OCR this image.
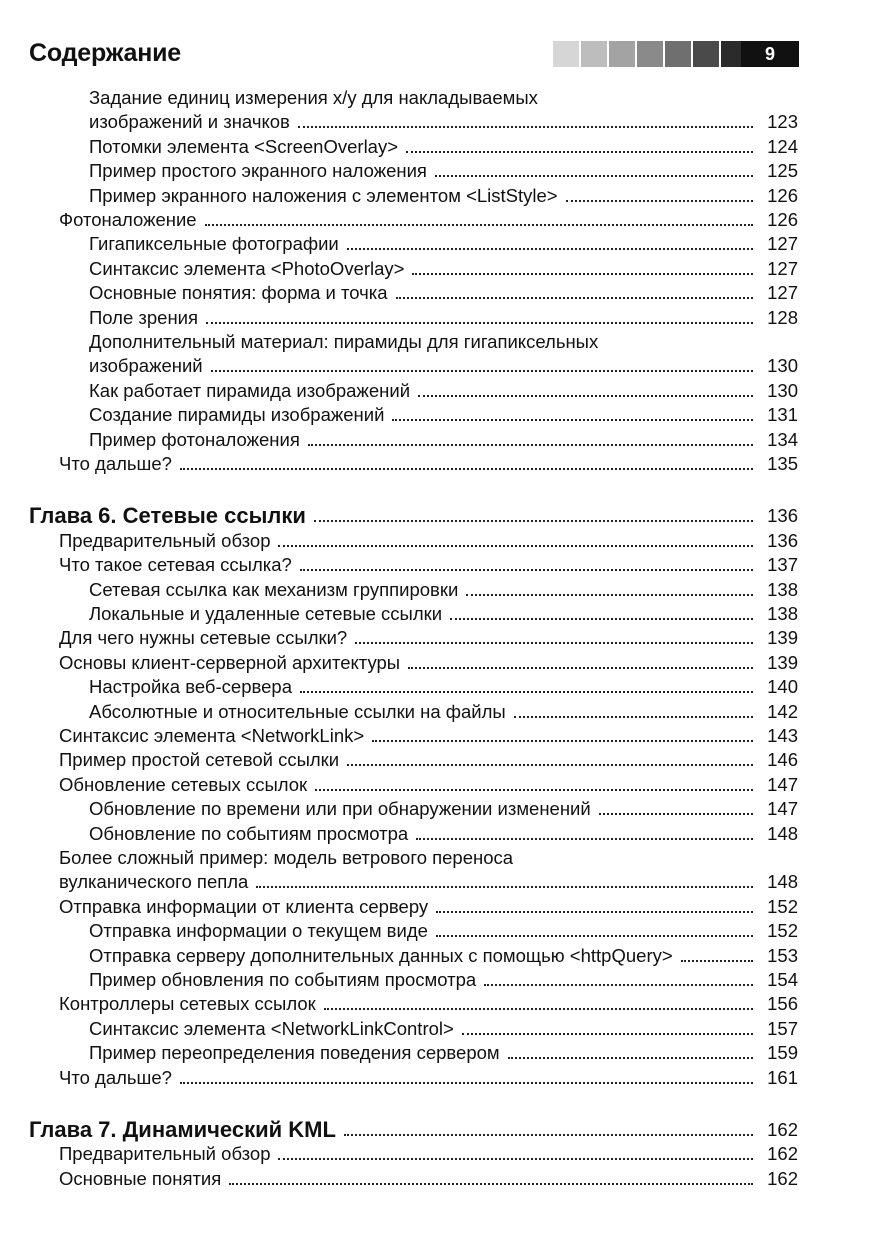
Содержание	9
Задание единиц измерения x/y для накладываемых
изображений и значков	123
Потомки элемента <ScreenOverlay>	124
Пример простого экранного наложения	125
Пример экранного наложения с элементом <ListStyle>	126
Фотоналожение	126
Гигапиксельные фотографии	127
Синтаксис элемента <PhotoOverlay>	127
Основные понятия: форма и точка	127
Поле зрения	128
Дополнительный материал: пирамиды для гигапиксельных
изображений	130
Как работает пирамида изображений	130
Создание пирамиды изображений	131
Пример фотоналожения	134
Что дальше?	135
Глава 6. Сетевые ссылки	136
Предварительный обзор	136
Что такое сетевая ссылка?	137
Сетевая ссылка как механизм группировки	138
Локальные и удаленные сетевые ссылки	138
Для чего нужны сетевые ссылки?	139
Основы клиент-серверной архитектуры	139
Настройка веб-сервера	140
Абсолютные и относительные ссылки на файлы	142
Синтаксис элемента <NetworkLink>	143
Пример простой сетевой ссылки	146
Обновление сетевых ссылок	147
Обновление по времени или при обнаружении изменений	147
Обновление по событиям просмотра	148
Более сложный пример: модель ветрового переноса
вулканического пепла	148
Отправка информации от клиента серверу	152
Отправка информации о текущем виде	152
Отправка серверу дополнительных данных с помощью <httpQuery>	153
Пример обновления по событиям просмотра	154
Контроллеры сетевых ссылок	156
Синтаксис элемента <NetworkLinkControl>	157
Пример переопределения поведения сервером	159
Что дальше?	161
Глава 7. Динамический KML	162
Предварительный обзор	162
Основные понятия	162
